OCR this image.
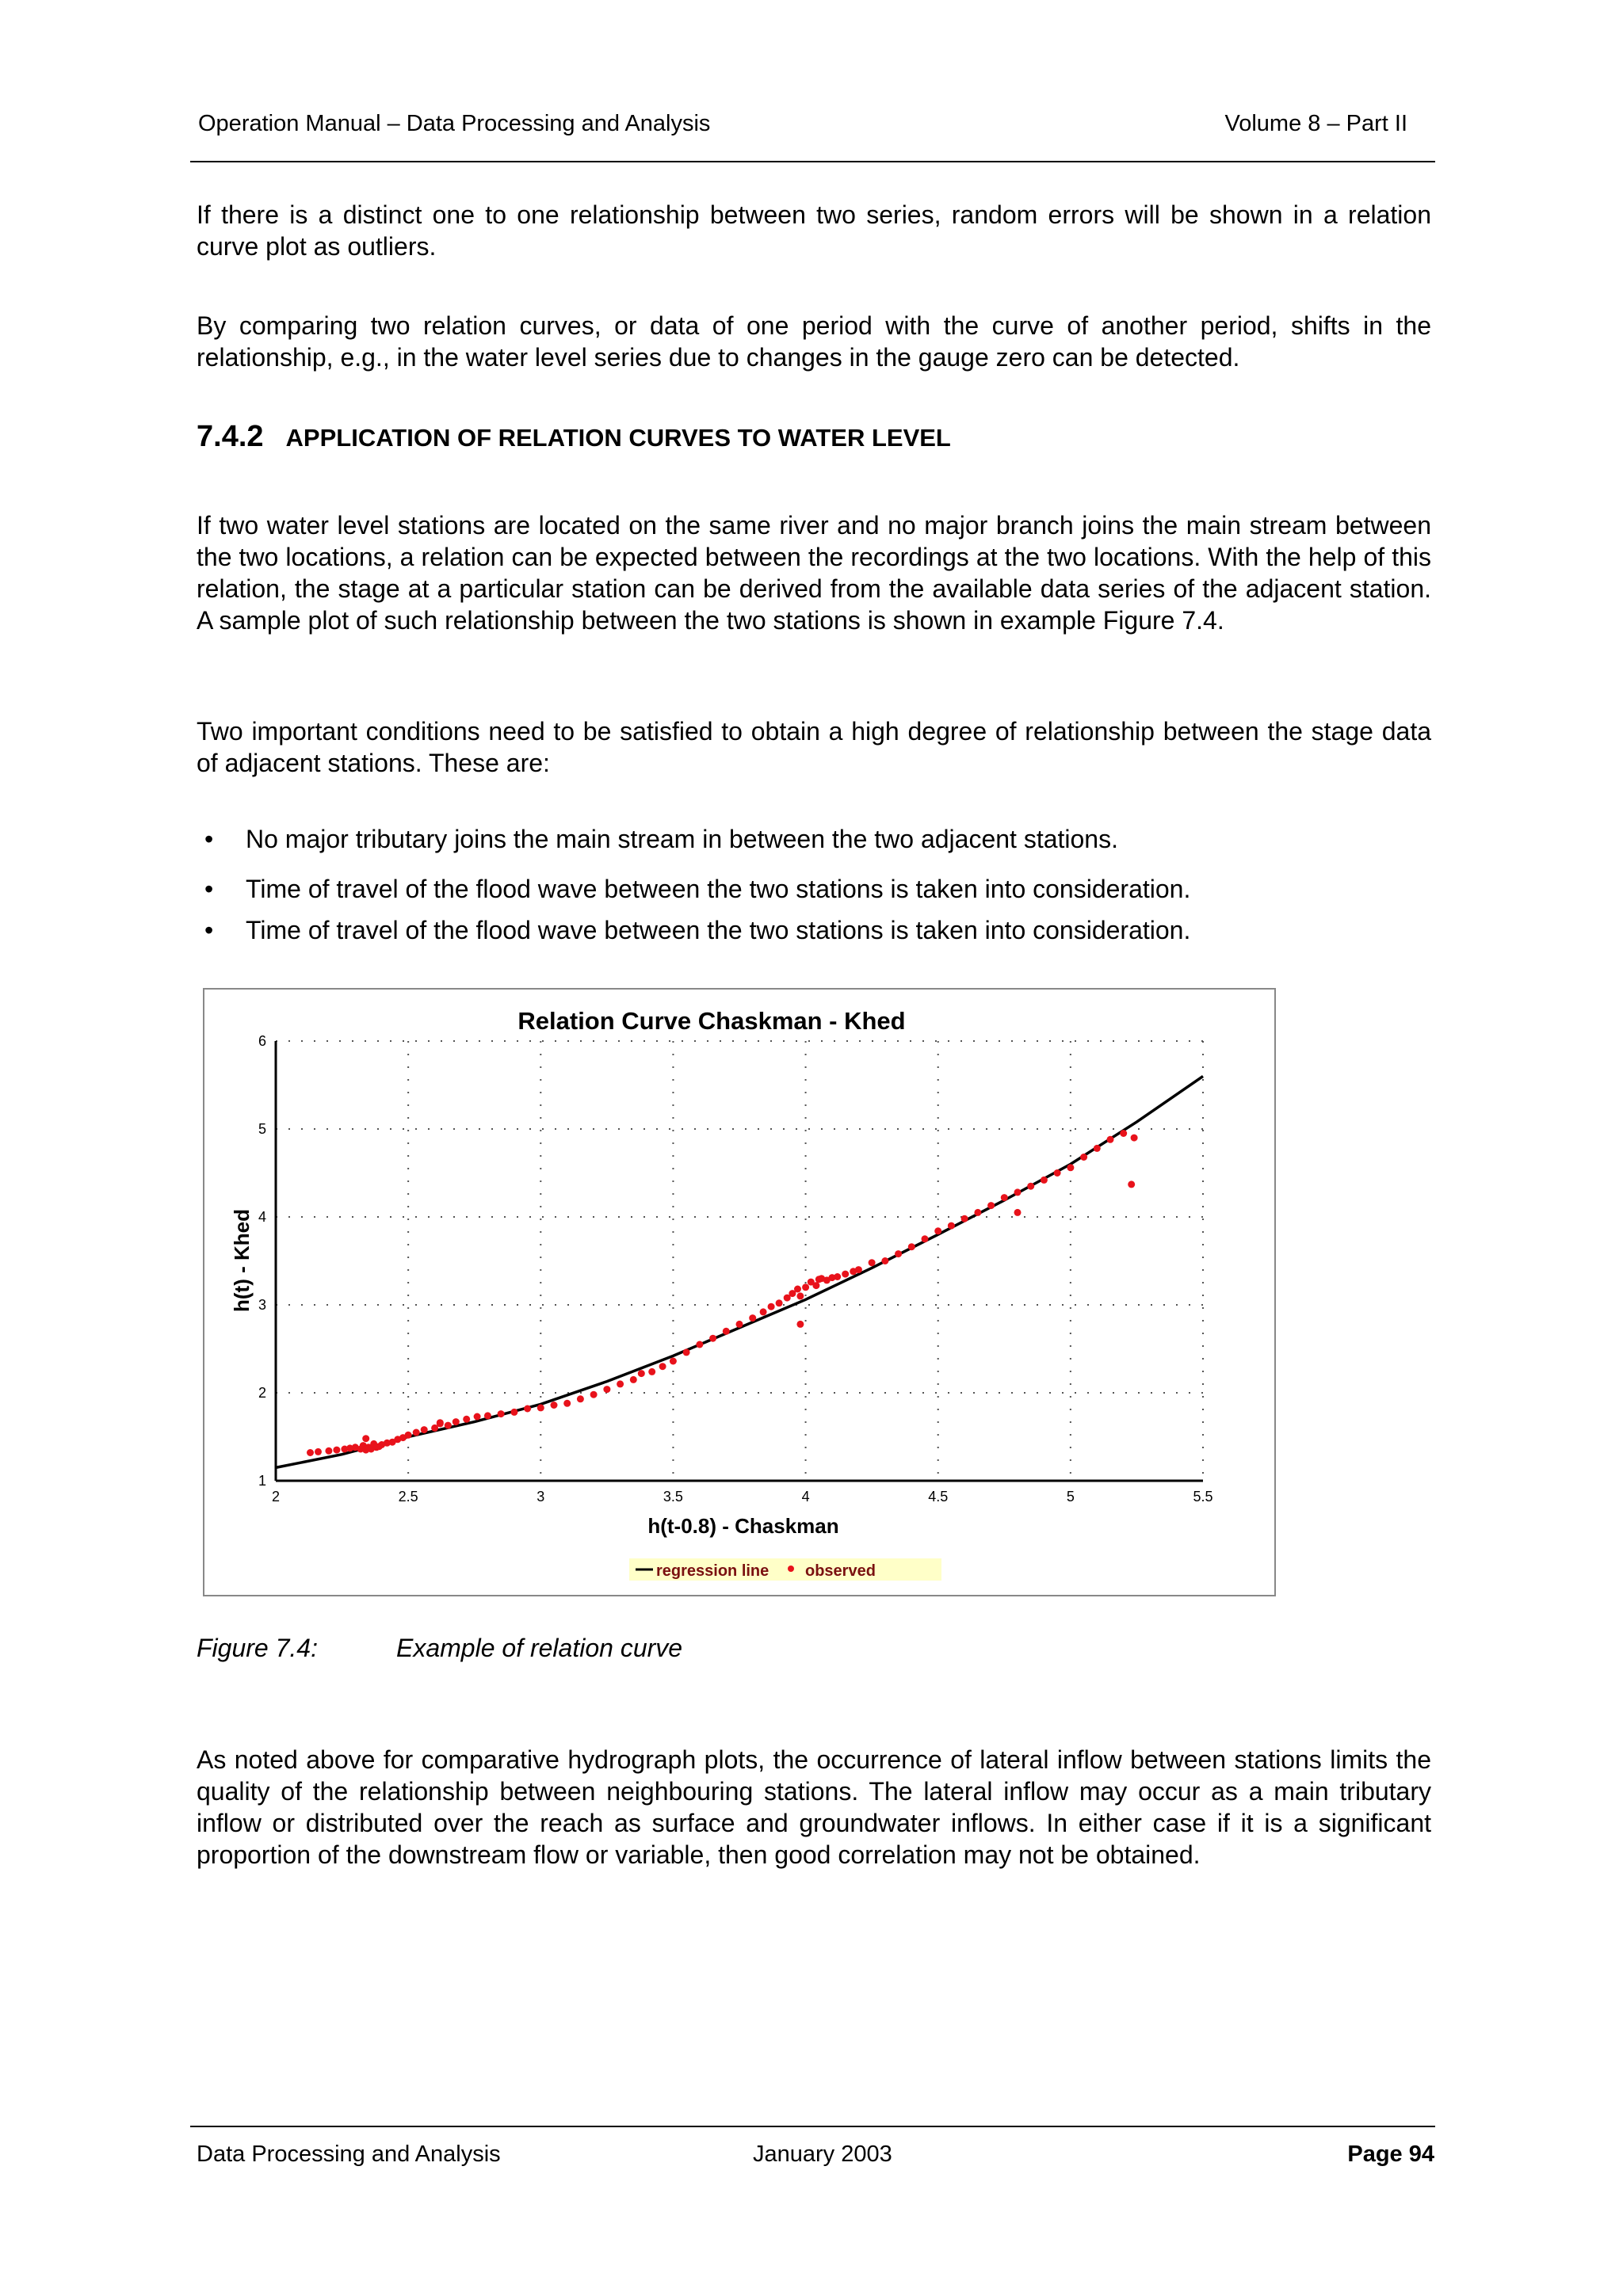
Operation Manual – Data Processing and Analysis	Volume 8 – Part II
If there is a distinct one to one relationship between two series, random errors will be shown in a relation curve plot as outliers.
By comparing two relation curves, or data of one period with the curve of another period, shifts in the relationship, e.g., in the water level series due to changes in the gauge zero can be detected.
7.4.2 APPLICATION OF RELATION CURVES TO WATER LEVEL
If two water level stations are located on the same river and no major branch joins the main stream between the two locations, a relation can be expected between the recordings at the two locations. With the help of this relation, the stage at a particular station can be derived from the available data series of the adjacent station. A sample plot of such relationship between the two stations is shown in example Figure 7.4.
Two important conditions need to be satisfied to obtain a high degree of relationship between the stage data of adjacent stations. These are:
• No major tributary joins the main stream in between the two adjacent stations.
• Time of travel of the flood wave between the two stations is taken into consideration.
• Time of travel of the flood wave between the two stations is taken into consideration.
Relation Curve Chaskman - Khed
2	2.5	3	3.5	4	4.5	5	5.5
1
2
3
4
5
6
h(t-0.8) - Chaskman
h(t) - Khed
regression line observed
Figure 7.4:	Example of relation curve
As noted above for comparative hydrograph plots, the occurrence of lateral inflow between stations limits the quality of the relationship between neighbouring stations. The lateral inflow may occur as a main tributary inflow or distributed over the reach as surface and groundwater inflows. In either case if it is a significant proportion of the downstream flow or variable, then good correlation may not be obtained.
Data Processing and Analysis	January 2003	Page 94
